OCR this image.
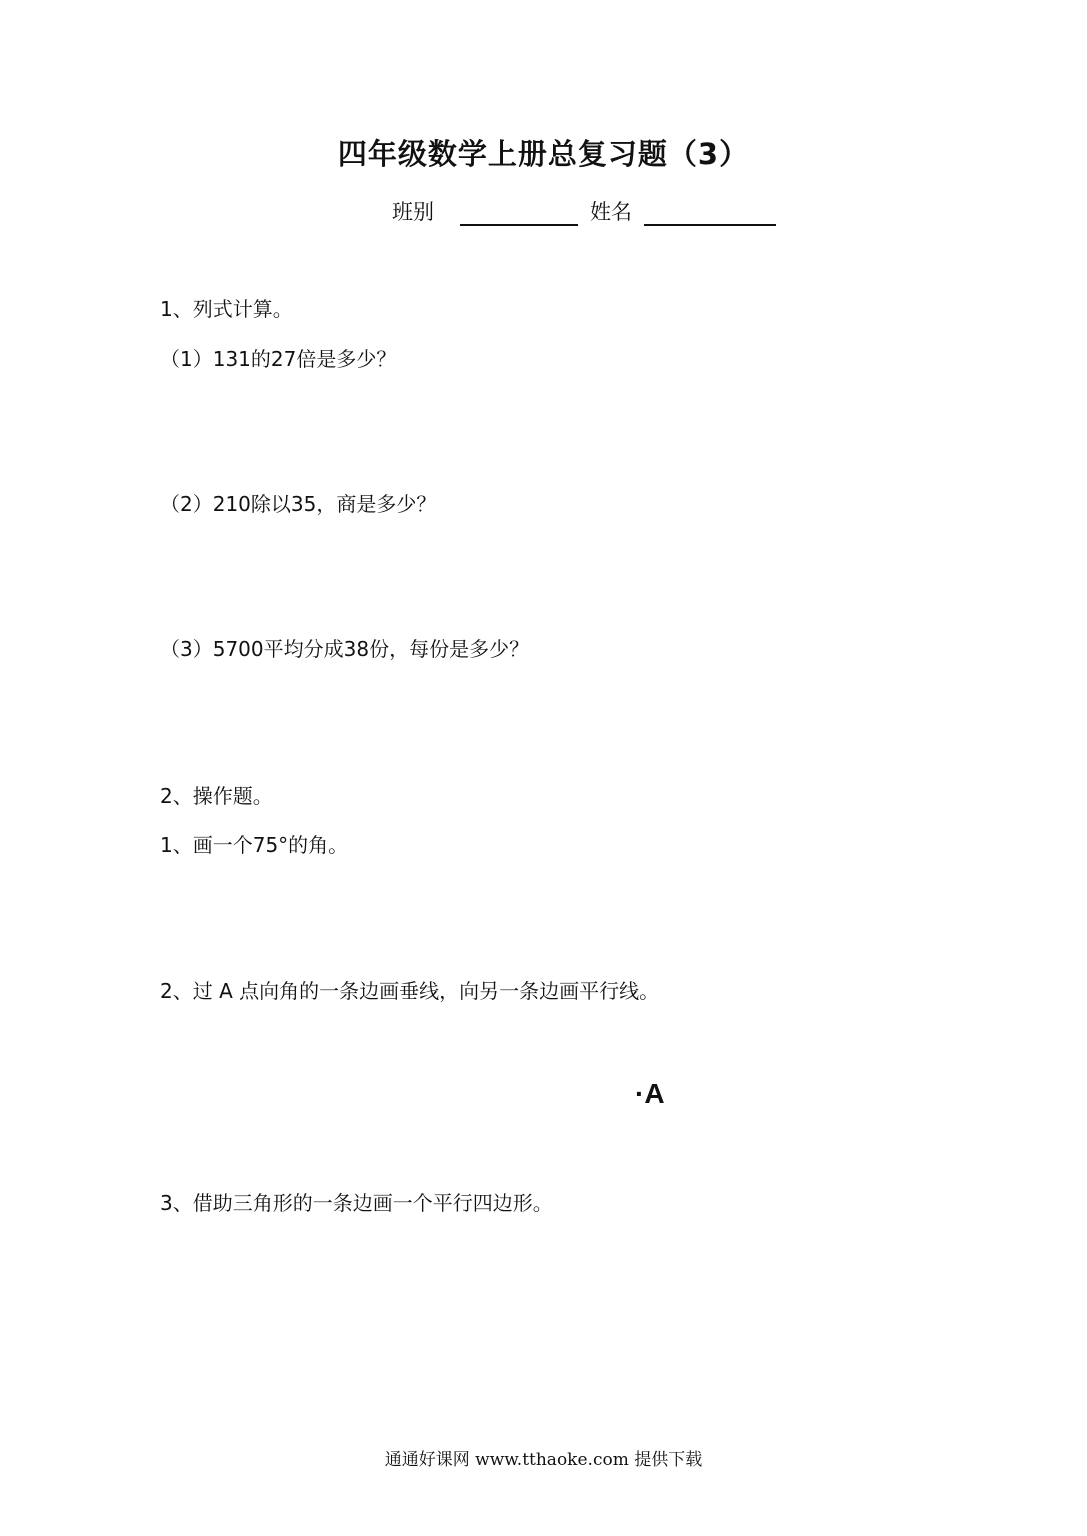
四年级数学上册总复习题（3）
班别	姓名
1、列式计算。
（1）131的27倍是多少？
（2）210除以35，商是多少？
（3）5700平均分成38份，每份是多少？
2、操作题。
1、画一个75°的角。
2、过 A 点向角的一条边画垂线，向另一条边画平行线。
·A
3、借助三角形的一条边画一个平行四边形。
通通好课网 www.tthaoke.com 提供下载
